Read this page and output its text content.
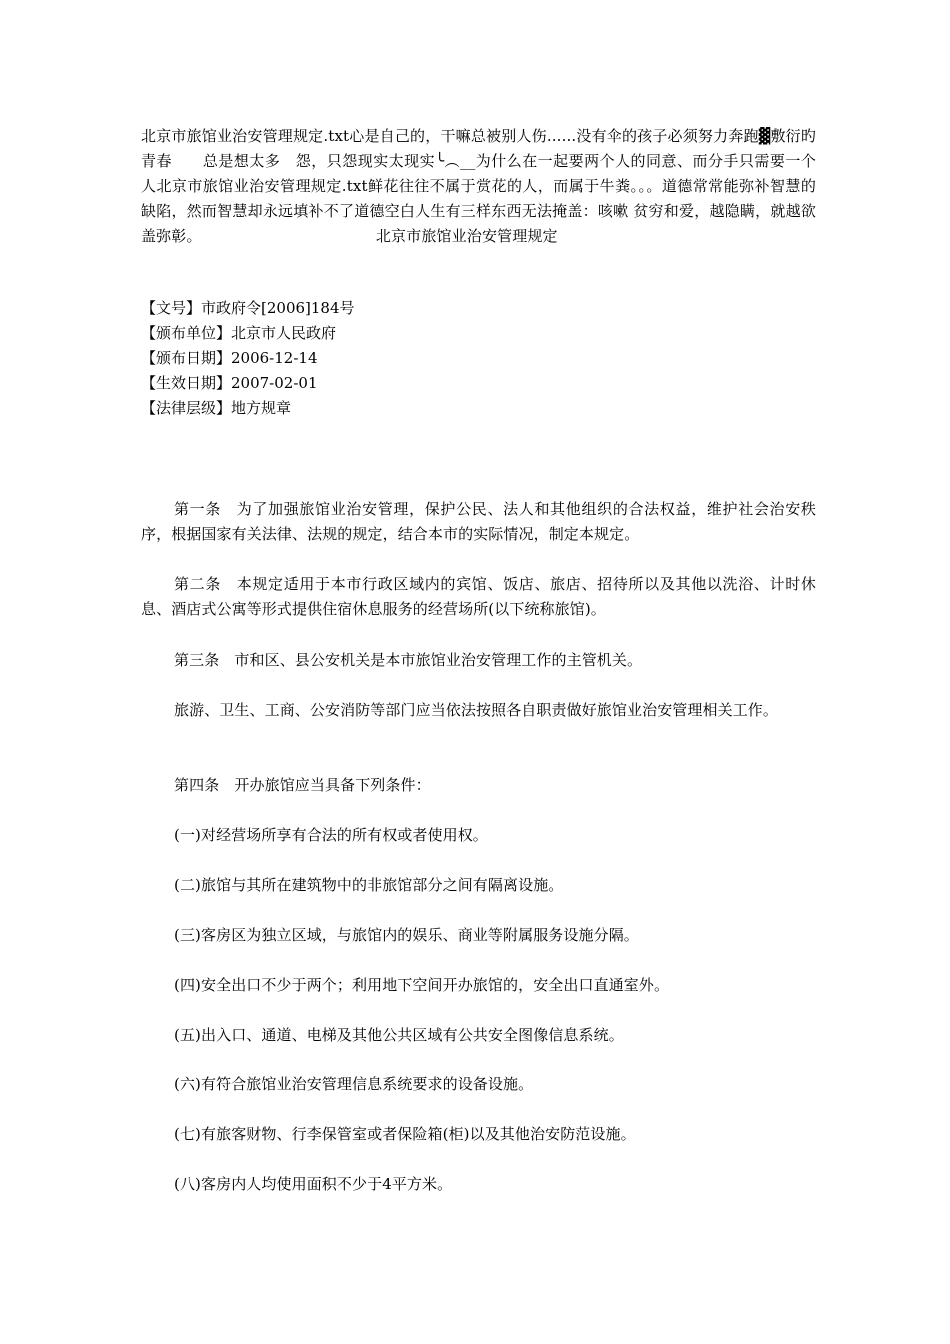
北京市旅馆业治安管理规定.txt心是自己的，干嘛总被别人伤......没有伞的孩子必须努力奔跑▓敷衍旳青春　　总是想太多　怨，只怨现实太现实╰︵__为什么在一起要两个人的同意、而分手只需要一个人北京市旅馆业治安管理规定.txt鲜花往往不属于赏花的人，而属于牛粪。。。道德常常能弥补智慧的缺陷，然而智慧却永远填补不了道德空白人生有三样东西无法掩盖：咳嗽 贫穷和爱，越隐瞒，就越欲盖弥彰。　　　　　　　　　　　　北京市旅馆业治安管理规定
【文号】市政府令[2006]184号
【颁布单位】北京市人民政府
【颁布日期】2006-12-14
【生效日期】2007-02-01
【法律层级】地方规章
第一条　为了加强旅馆业治安管理，保护公民、法人和其他组织的合法权益，维护社会治安秩序，根据国家有关法律、法规的规定，结合本市的实际情况，制定本规定。
第二条　本规定适用于本市行政区域内的宾馆、饭店、旅店、招待所以及其他以洗浴、计时休息、酒店式公寓等形式提供住宿休息服务的经营场所(以下统称旅馆)。
第三条　市和区、县公安机关是本市旅馆业治安管理工作的主管机关。
旅游、卫生、工商、公安消防等部门应当依法按照各自职责做好旅馆业治安管理相关工作。
第四条　开办旅馆应当具备下列条件：
(一)对经营场所享有合法的所有权或者使用权。
(二)旅馆与其所在建筑物中的非旅馆部分之间有隔离设施。
(三)客房区为独立区域，与旅馆内的娱乐、商业等附属服务设施分隔。
(四)安全出口不少于两个；利用地下空间开办旅馆的，安全出口直通室外。
(五)出入口、通道、电梯及其他公共区域有公共安全图像信息系统。
(六)有符合旅馆业治安管理信息系统要求的设备设施。
(七)有旅客财物、行李保管室或者保险箱(柜)以及其他治安防范设施。
(八)客房内人均使用面积不少于4平方米。
